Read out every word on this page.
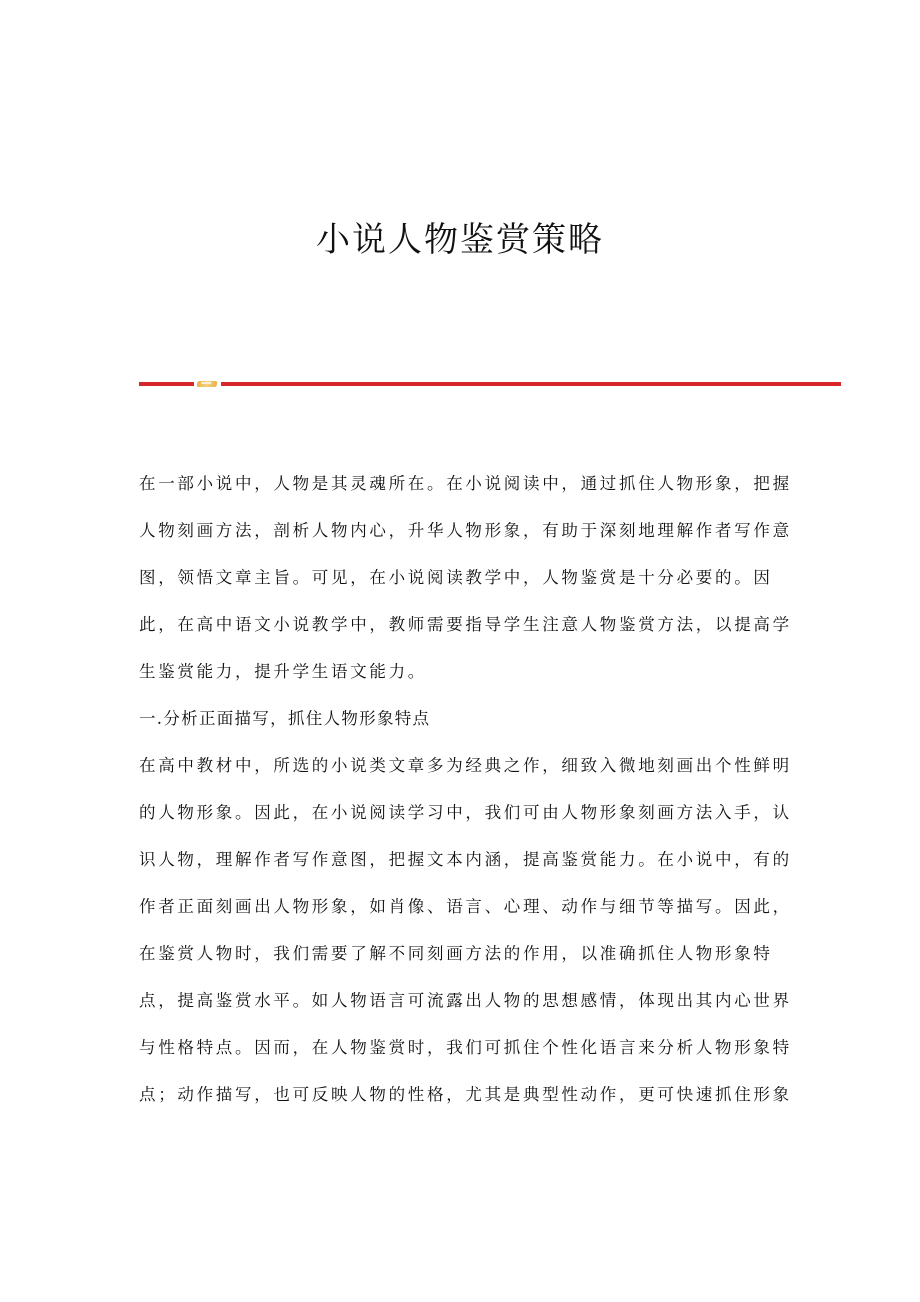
小说人物鉴赏策略
在一部小说中，人物是其灵魂所在。在小说阅读中，通过抓住人物形象，把握
人物刻画方法，剖析人物内心，升华人物形象，有助于深刻地理解作者写作意
图，领悟文章主旨。可见，在小说阅读教学中，人物鉴赏是十分必要的。因
此，在高中语文小说教学中，教师需要指导学生注意人物鉴赏方法，以提高学
生鉴赏能力，提升学生语文能力。
一.分析正面描写，抓住人物形象特点
在高中教材中，所选的小说类文章多为经典之作，细致入微地刻画出个性鲜明
的人物形象。因此，在小说阅读学习中，我们可由人物形象刻画方法入手，认
识人物，理解作者写作意图，把握文本内涵，提高鉴赏能力。在小说中，有的
作者正面刻画出人物形象，如肖像、语言、心理、动作与细节等描写。因此，
在鉴赏人物时，我们需要了解不同刻画方法的作用，以准确抓住人物形象特
点，提高鉴赏水平。如人物语言可流露出人物的思想感情，体现出其内心世界
与性格特点。因而，在人物鉴赏时，我们可抓住个性化语言来分析人物形象特
点；动作描写，也可反映人物的性格，尤其是典型性动作，更可快速抓住形象
